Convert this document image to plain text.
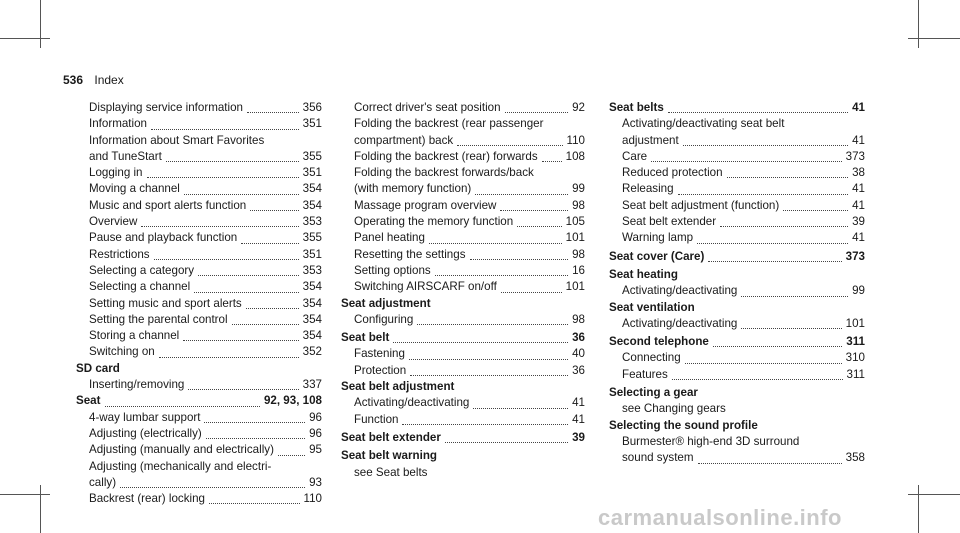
536 Index
Displaying service information	356
Information	351
Information about Smart Favorites
and TuneStart	355
Logging in	351
Moving a channel	354
Music and sport alerts function	354
Overview	353
Pause and playback function	355
Restrictions	351
Selecting a category	353
Selecting a channel	354
Setting music and sport alerts	354
Setting the parental control	354
Storing a channel	354
Switching on	352
SD card
Inserting/removing	337
Seat	92, 93, 108
4-way lumbar support	96
Adjusting (electrically)	96
Adjusting (manually and electrically)	95
Adjusting (mechanically and electri-
cally)	93
Backrest (rear) locking	110
Correct driver's seat position	92
Folding the backrest (rear passenger
compartment) back	110
Folding the backrest (rear) forwards 108
Folding the backrest forwards/back
(with memory function)	99
Massage program overview	98
Operating the memory function	105
Panel heating	101
Resetting the settings	98
Setting options	16
Switching AIRSCARF on/off	101
Seat adjustment
Configuring	98
Seat belt	36
Fastening	40
Protection	36
Seat belt adjustment
Activating/deactivating	41
Function	41
Seat belt extender	39
Seat belt warning
see Seat belts
Seat belts	41
Activating/deactivating seat belt
adjustment	41
Care	373
Reduced protection	38
Releasing	41
Seat belt adjustment (function)	41
Seat belt extender	39
Warning lamp	41
Seat cover (Care)	373
Seat heating
Activating/deactivating	99
Seat ventilation
Activating/deactivating	101
Second telephone	311
Connecting	310
Features	311
Selecting a gear
see Changing gears
Selecting the sound profile
Burmester® high-end 3D surround
sound system	358
carmanualsonline.info
